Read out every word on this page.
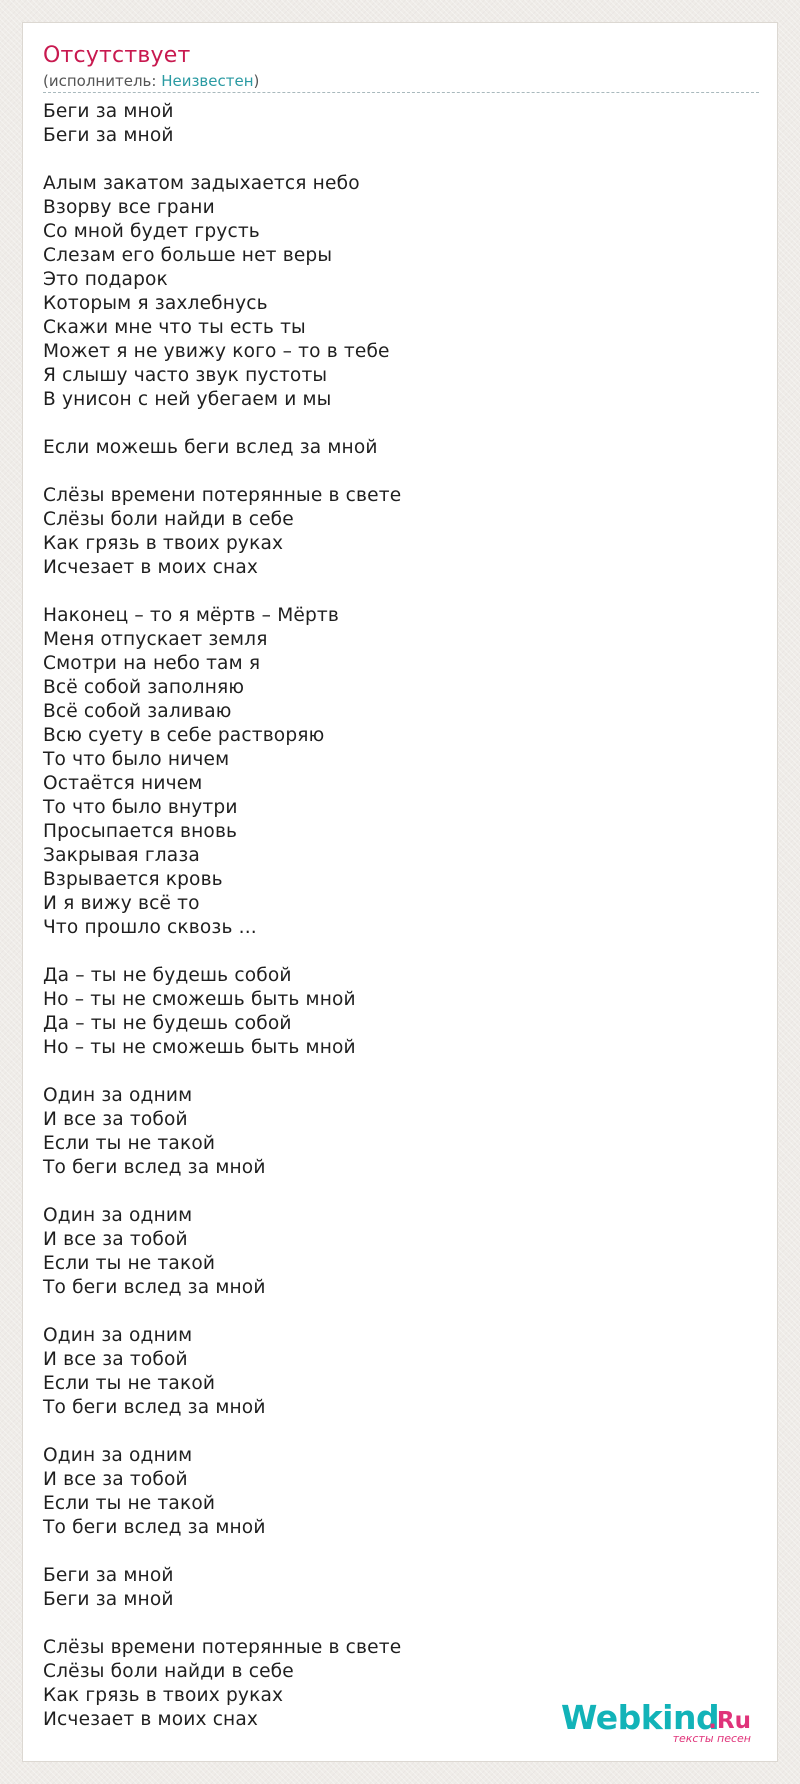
Отсутствует
(исполнитель: Неизвестен)
Беги за мной
Беги за мной
Алым закатом задыхается небо
Взорву все грани
Со мной будет грусть
Слезам его больше нет веры
Это подарок
Которым я захлебнусь
Скажи мне что ты есть ты
Может я не увижу кого – то в тебе
Я слышу часто звук пустоты
В унисон с ней убегаем и мы
Если можешь беги вслед за мной
Слёзы времени потерянные в свете
Слёзы боли найди в себе
Как грязь в твоих руках
Исчезает в моих снах
Наконец – то я мёртв – Мёртв
Меня отпускает земля
Смотри на небо там я
Всё собой заполняю
Всё собой заливаю
Всю суету в себе растворяю
То что было ничем
Остаётся ничем
То что было внутри
Просыпается вновь
Закрывая глаза
Взрывается кровь
И я вижу всё то
Что прошло сквозь ...
Да – ты не будешь собой
Но – ты не сможешь быть мной
Да – ты не будешь собой
Но – ты не сможешь быть мной
Один за одним
И все за тобой
Если ты не такой
То беги вслед за мной
Один за одним
И все за тобой
Если ты не такой
То беги вслед за мной
Один за одним
И все за тобой
Если ты не такой
То беги вслед за мной
Один за одним
И все за тобой
Если ты не такой
То беги вслед за мной
Беги за мной
Беги за мной
Слёзы времени потерянные в свете
Слёзы боли найди в себе
Как грязь в твоих руках
Исчезает в моих снах	Webkind
.Ru
тексты песен
